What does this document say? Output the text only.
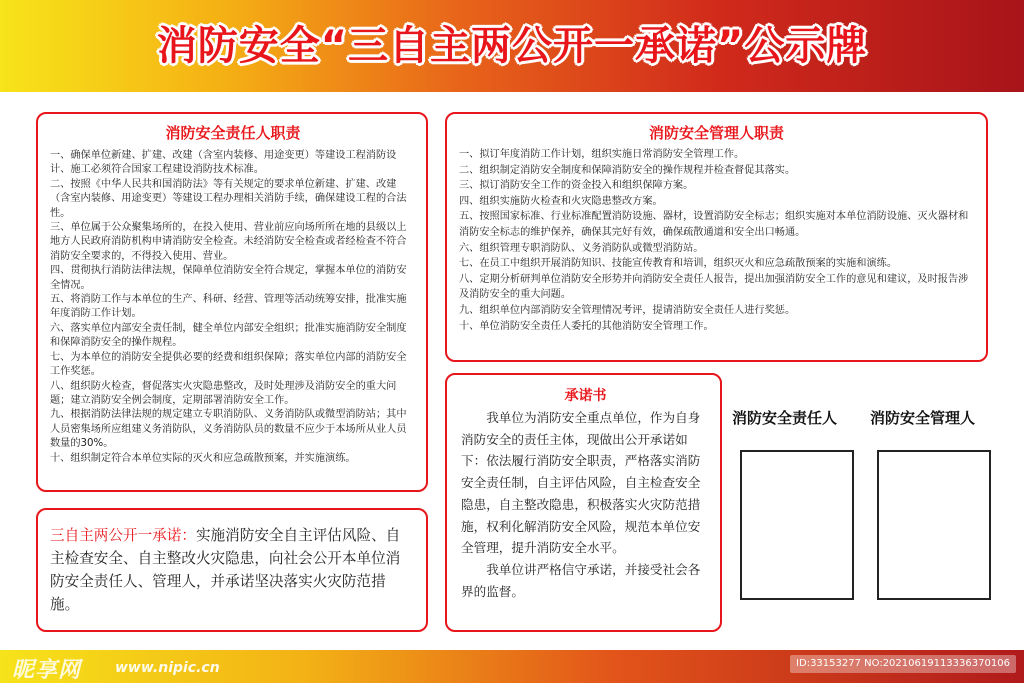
消防安全“三自主两公开一承诺”公示牌
消防安全责任人职责
一、确保单位新建、扩建、改建（含室内装修、用途变更）等建设工程消防设计、施工必须符合国家工程建设消防技术标准。
二、按照《中华人民共和国消防法》等有关规定的要求单位新建、扩建、改建（含室内装修、用途变更）等建设工程办理相关消防手续，确保建设工程的合法性。
三、单位属于公众聚集场所的，在投入使用、营业前应向场所所在地的县级以上地方人民政府消防机构申请消防安全检查。未经消防安全检查或者经检查不符合消防安全要求的，不得投入使用、营业。
四、贯彻执行消防法律法规，保障单位消防安全符合规定，掌握本单位的消防安全情况。
五、将消防工作与本单位的生产、科研、经营、管理等活动统筹安排，批准实施年度消防工作计划。
六、落实单位内部安全责任制，健全单位内部安全组织；批准实施消防安全制度和保障消防安全的操作规程。
七、为本单位的消防安全提供必要的经费和组织保障；落实单位内部的消防安全工作奖惩。
八、组织防火检查，督促落实火灾隐患整改，及时处理涉及消防安全的重大问题；建立消防安全例会制度，定期部署消防安全工作。
九、根据消防法律法规的规定建立专职消防队、义务消防队或微型消防站；其中人员密集场所应组建义务消防队，义务消防队员的数量不应少于本场所从业人员数量的30%。
十、组织制定符合本单位实际的灭火和应急疏散预案，并实施演练。
消防安全管理人职责
一、拟订年度消防工作计划，组织实施日常消防安全管理工作。
二、组织制定消防安全制度和保障消防安全的操作规程并检查督促其落实。
三、拟订消防安全工作的资金投入和组织保障方案。
四、组织实施防火检查和火灾隐患整改方案。
五、按照国家标准、行业标准配置消防设施、器材，设置消防安全标志；组织实施对本单位消防设施、灭火器材和消防安全标志的维护保养，确保其完好有效，确保疏散通道和安全出口畅通。
六、组织管理专职消防队、义务消防队或微型消防站。
七、在员工中组织开展消防知识、技能宣传教育和培训，组织灭火和应急疏散预案的实施和演练。
八、定期分析研判单位消防安全形势并向消防安全责任人报告，提出加强消防安全工作的意见和建议，及时报告涉及消防安全的重大问题。
九、组织单位内部消防安全管理情况考评，提请消防安全责任人进行奖惩。
十、单位消防安全责任人委托的其他消防安全管理工作。

三自主两公开一承诺：实施消防安全自主评估风险、自主检查安全、自主整改火灾隐患，向社会公开本单位消防安全责任人、管理人，并承诺坚决落实火灾防范措施。

承诺书

我单位为消防安全重点单位，作为自身消防安全的责任主体，现做出公开承诺如下：依法履行消防安全职责，严格落实消防安全责任制，自主评估风险，自主检查安全隐患，自主整改隐患，积极落实火灾防范措施，权利化解消防安全风险，规范本单位安全管理，提升消防安全水平。

我单位讲严格信守承诺，并接受社会各界的监督。

消防安全责任人 消防安全管理人
昵享网 www.nipic.cn	ID:33153277 NO:20210619113336370106
